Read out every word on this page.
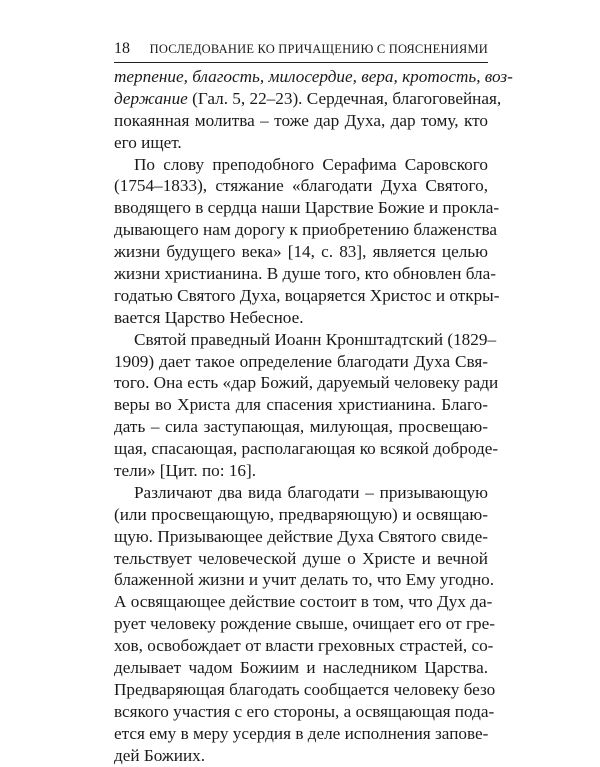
18 ПОСЛЕДОВАНИЕ КО ПРИЧАЩЕНИЮ С ПОЯСНЕНИЯМИ
терпение, благость, милосердие, вера, кротость, воз-
держание (Гал. 5, 22–23). Сердечная, благоговейная,
покаянная молитва – тоже дар Духа, дар тому, кто
его ищет.
По слову преподобного Серафима Саровского
(1754–1833), стяжание «благодати Духа Святого,
вводящего в сердца наши Царствие Божие и прокла-
дывающего нам дорогу к приобретению блаженства
жизни будущего века» [14, с. 83], является целью
жизни христианина. В душе того, кто обновлен бла-
годатью Святого Духа, воцаряется Христос и откры-
вается Царство Небесное.
Святой праведный Иоанн Кронштадтский (1829–
1909) дает такое определение благодати Духа Свя-
того. Она есть «дар Божий, даруемый человеку ради
веры во Христа для спасения христианина. Благо-
дать – сила заступающая, милующая, просвещаю-
щая, спасающая, располагающая ко всякой доброде-
тели» [Цит. по: 16].
Различают два вида благодати – призывающую
(или просвещающую, предваряющую) и освящаю-
щую. Призывающее действие Духа Святого свиде-
тельствует человеческой душе о Христе и вечной
блаженной жизни и учит делать то, что Ему угодно.
А освящающее действие состоит в том, что Дух да-
рует человеку рождение свыше, очищает его от гре-
хов, освобождает от власти греховных страстей, со-
делывает чадом Божиим и наследником Царства.
Предваряющая благодать сообщается человеку безо
всякого участия с его стороны, а освящающая пода-
ется ему в меру усердия в деле исполнения запове-
дей Божиих.
